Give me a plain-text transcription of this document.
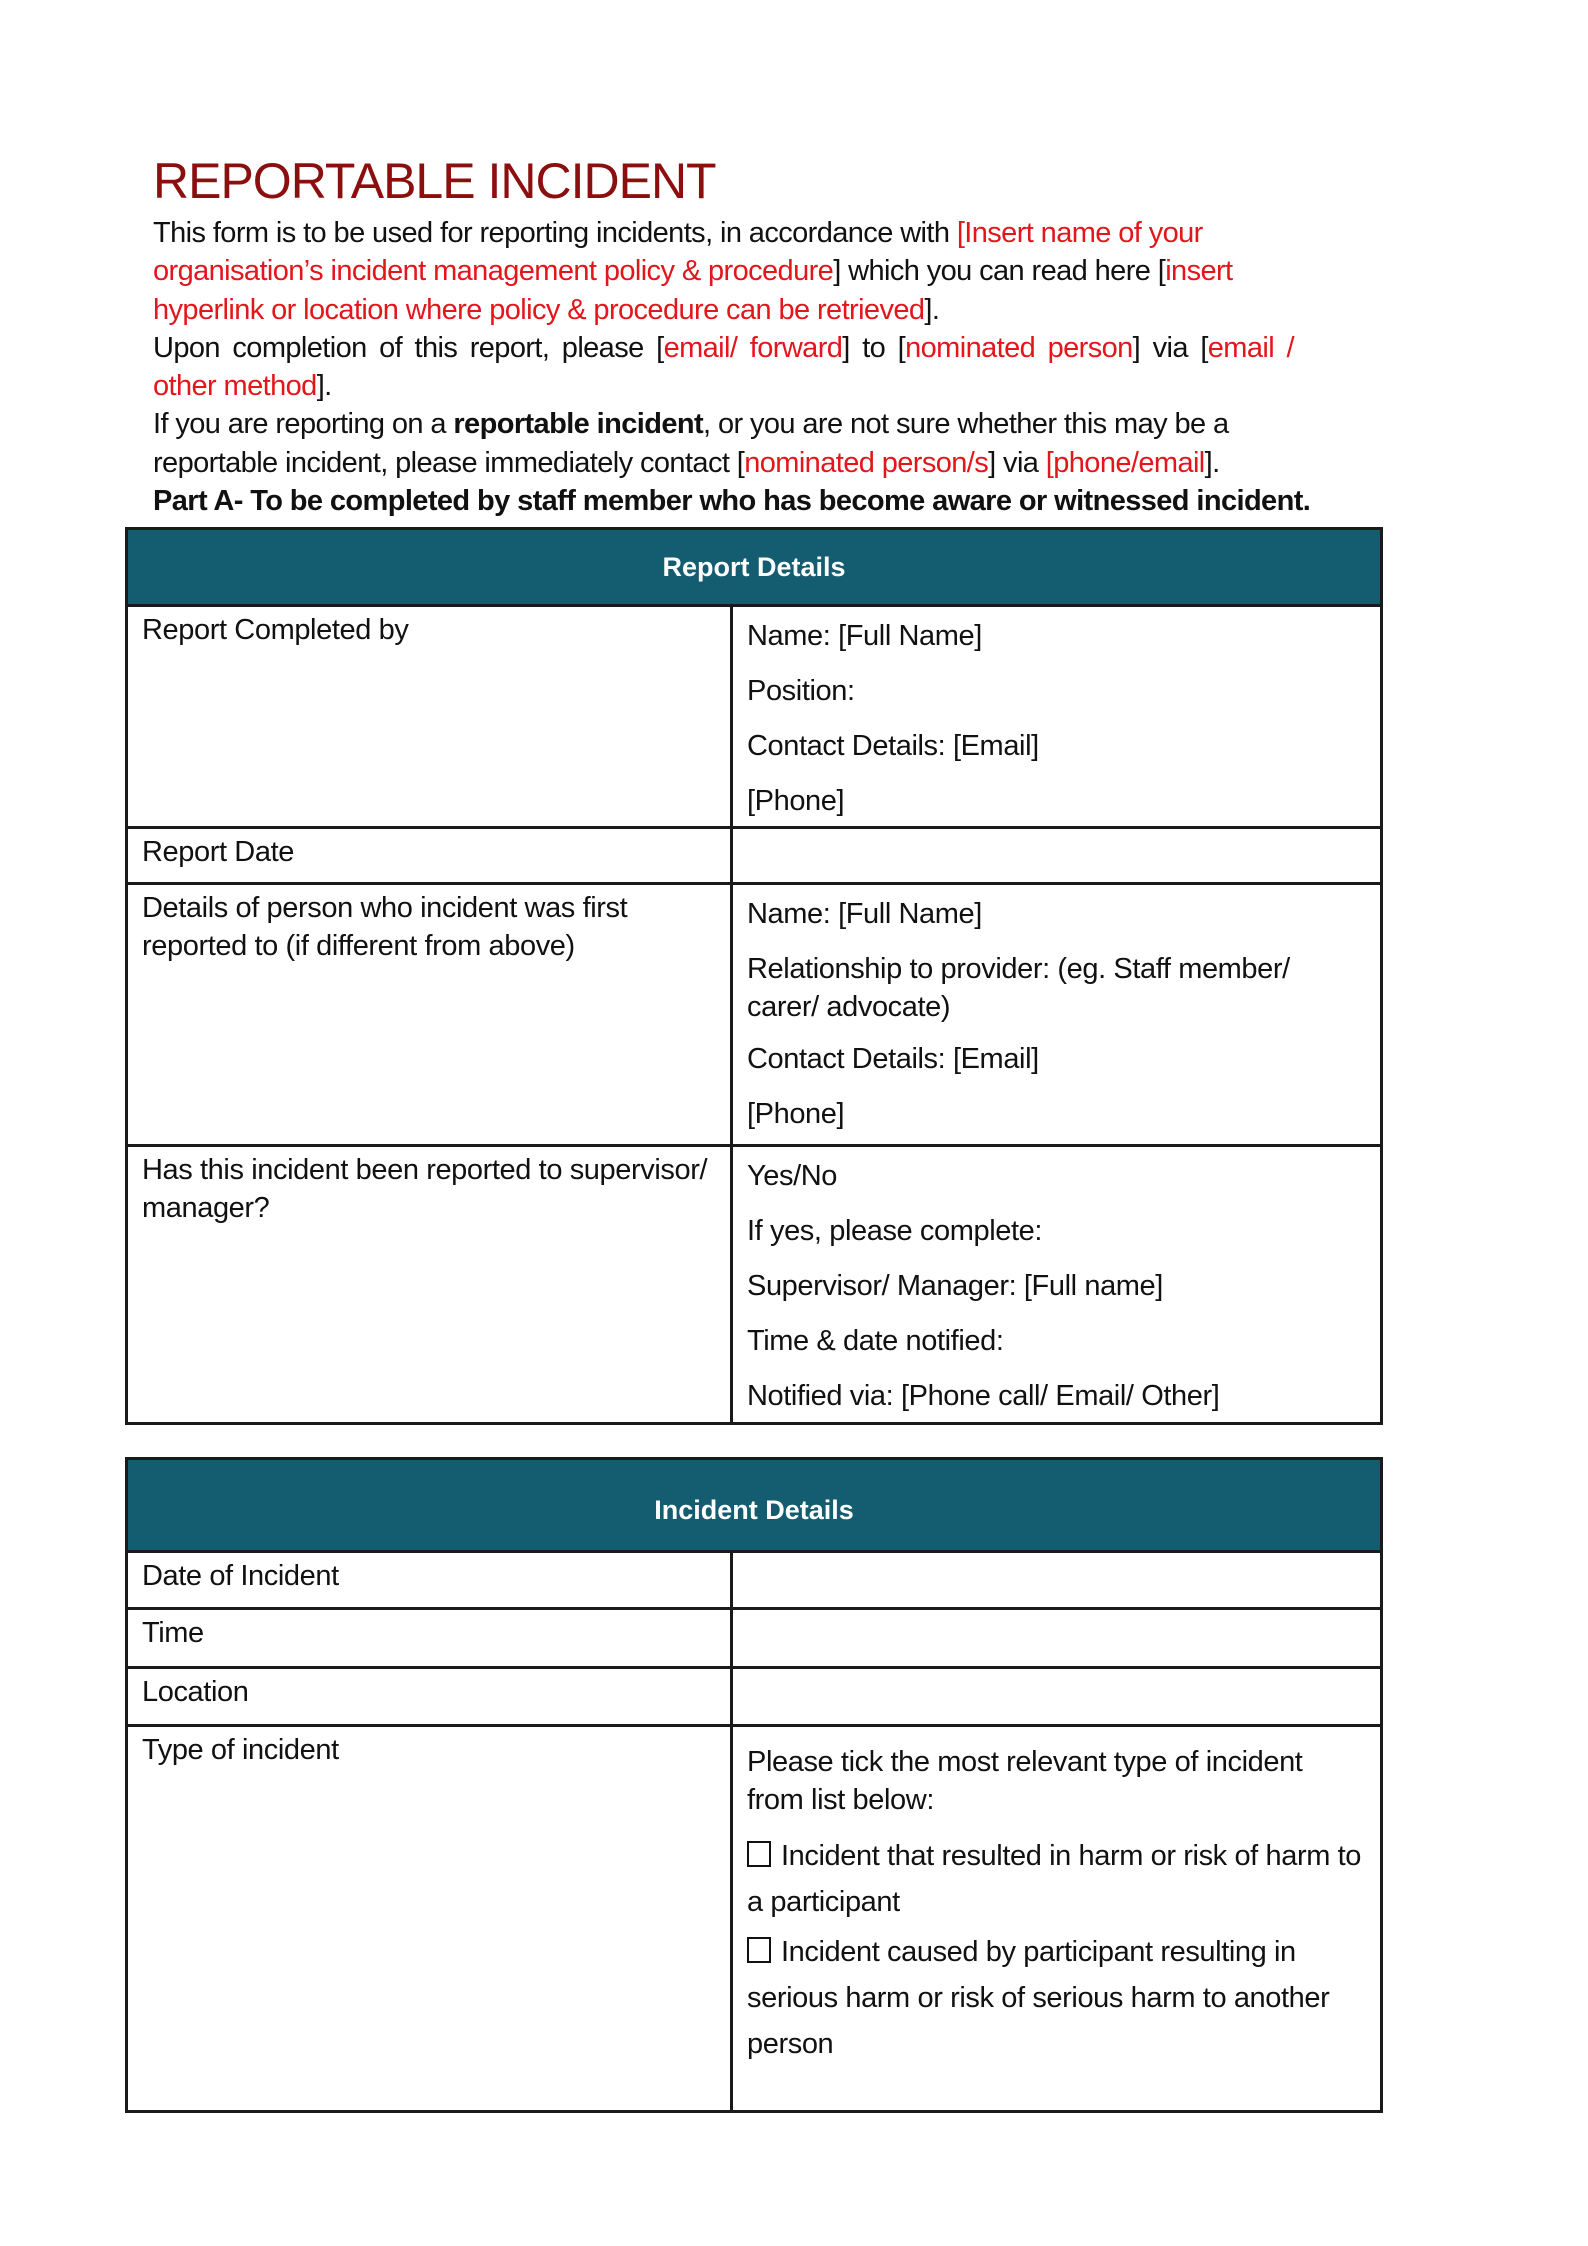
REPORTABLE INCIDENT
This form is to be used for reporting incidents, in accordance with [Insert name of your
organisation’s incident management policy & procedure] which you can read here [insert
hyperlink or location where policy & procedure can be retrieved].
Upon completion of this report, please [email/ forward] to [nominated person] via [email /
other method].
If you are reporting on a reportable incident, or you are not sure whether this may be a
reportable incident, please immediately contact [nominated person/s] via [phone/email].
Part A- To be completed by staff member who has become aware or witnessed incident.
Report Details
Report Completed by	Name: [Full Name]

Position:

Contact Details: [Email]

[Phone]

Report Date
Details of person who incident was first reported to (if different from above)

Name: [Full Name]

Relationship to provider: (eg. Staff member/ carer/ advocate)

Contact Details: [Email]

[Phone]

Has this incident been reported to supervisor/ manager?

Yes/No

If yes, please complete:

Supervisor/ Manager: [Full name]

Time & date notified:

Notified via: [Phone call/ Email/ Other]

Incident Details
Date of Incident
Time
Location
Type of incident	Please tick the most relevant type of incident from list below:

Incident that resulted in harm or risk of harm to a participant

Incident caused by participant resulting in serious harm or risk of serious harm to another person
